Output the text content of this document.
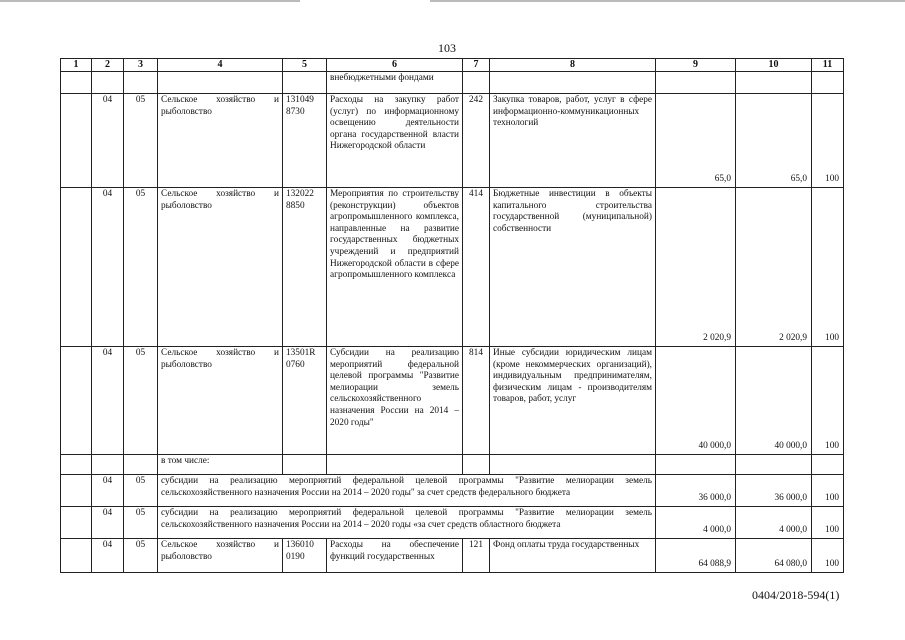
103
1	2	3	4	5	6	7	8	9	10	11
					внебюджетными фондами					
	04	05	Сельское хозяйство и рыболовство	131049 8730	Расходы на закупку работ (услуг) по информационному освещению деятельности органа государственной власти Нижегородской области	242	Закупка товаров, работ, услуг в сфере информационно-коммуникационных технологий	65,0	65,0	100
	04	05	Сельское хозяйство и рыболовство	132022 8850	Мероприятия по строительству (реконструкции) объектов агропромышленного комплекса, направленные на развитие государственных бюджетных учреждений и предприятий Нижегородской области в сфере агропромышленного комплекса	414	Бюджетные инвестиции в объекты капитального строительства государственной (муниципальной) собственности	2 020,9	2 020,9	100
	04	05	Сельское хозяйство и рыболовство	13501R 0760	Субсидии на реализацию мероприятий федеральной целевой программы "Развитие мелиорации земель сельскохозяйственного назначения России на 2014 – 2020 годы"	814	Иные субсидии юридическим лицам (кроме некоммерческих организаций), индивидуальным предпринимателям, физическим лицам - производителям товаров, работ, услуг	40 000,0	40 000,0	100
			в том числе:							
	04	05	субсидии на реализацию мероприятий федеральной целевой программы "Развитие мелиорации земель сельскохозяйственного назначения России на 2014 – 2020 годы" за счет средств федерального бюджета					36 000,0	36 000,0	100
	04	05	субсидии на реализацию мероприятий федеральной целевой программы "Развитие мелиорации земель сельскохозяйственного назначения России на 2014 – 2020 годы «за счет средств областного бюджета					4 000,0	4 000,0	100
	04	05	Сельское хозяйство и рыболовство	136010 0190	Расходы на обеспечение функций государственных	121	Фонд оплаты труда государственных	64 088,9	64 080,0	100
0404/2018-594(1)
